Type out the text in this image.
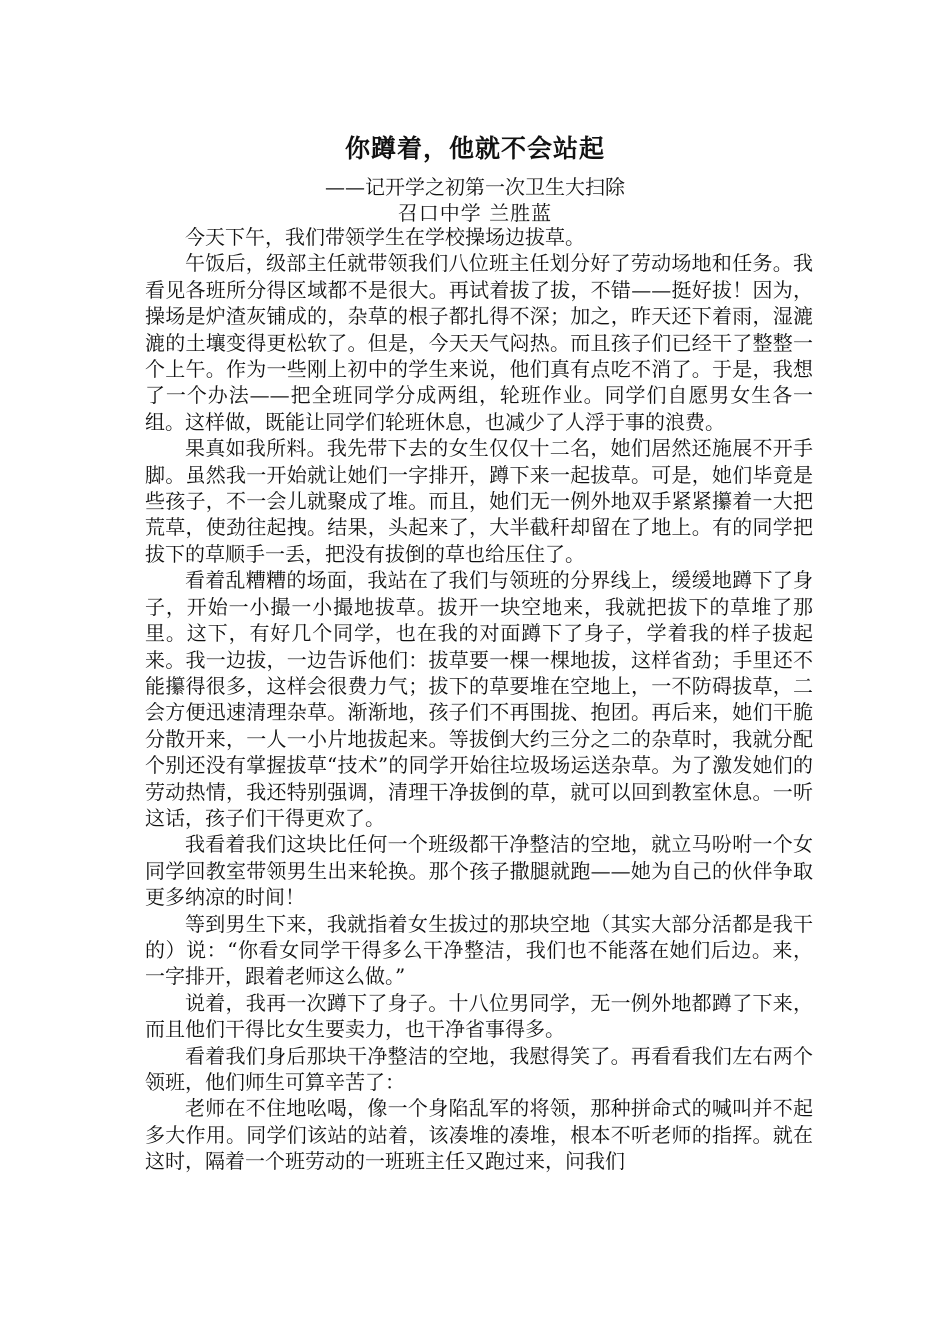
你蹲着，他就不会站起
——记开学之初第一次卫生大扫除
召口中学 兰胜蓝

今天下午，我们带领学生在学校操场边拔草。

午饭后，级部主任就带领我们八位班主任划分好了劳动场地和任务。我看见各班所分得区域都不是很大。再试着拔了拔，不错——挺好拔！因为，操场是炉渣灰铺成的，杂草的根子都扎得不深；加之，昨天还下着雨，湿漉漉的土壤变得更松软了。但是，今天天气闷热。而且孩子们已经干了整整一个上午。作为一些刚上初中的学生来说，他们真有点吃不消了。于是，我想了一个办法——把全班同学分成两组，轮班作业。同学们自愿男女生各一组。这样做，既能让同学们轮班休息，也减少了人浮于事的浪费。

果真如我所料。我先带下去的女生仅仅十二名，她们居然还施展不开手脚。虽然我一开始就让她们一字排开，蹲下来一起拔草。可是，她们毕竟是些孩子，不一会儿就聚成了堆。而且，她们无一例外地双手紧紧攥着一大把荒草，使劲往起拽。结果，头起来了，大半截秆却留在了地上。有的同学把拔下的草顺手一丢，把没有拔倒的草也给压住了。

看着乱糟糟的场面，我站在了我们与领班的分界线上，缓缓地蹲下了身子，开始一小撮一小撮地拔草。拔开一块空地来，我就把拔下的草堆了那里。这下，有好几个同学，也在我的对面蹲下了身子，学着我的样子拔起来。我一边拔，一边告诉他们：拔草要一棵一棵地拔，这样省劲；手里还不能攥得很多，这样会很费力气；拔下的草要堆在空地上，一不防碍拔草，二会方便迅速清理杂草。渐渐地，孩子们不再围拢、抱团。再后来，她们干脆分散开来，一人一小片地拔起来。等拔倒大约三分之二的杂草时，我就分配个别还没有掌握拔草“技术”的同学开始往垃圾场运送杂草。为了激发她们的劳动热情，我还特别强调，清理干净拔倒的草，就可以回到教室休息。一听这话，孩子们干得更欢了。

我看着我们这块比任何一个班级都干净整洁的空地，就立马吩咐一个女同学回教室带领男生出来轮换。那个孩子撒腿就跑——她为自己的伙伴争取更多纳凉的时间！

等到男生下来，我就指着女生拔过的那块空地（其实大部分活都是我干的）说：“你看女同学干得多么干净整洁，我们也不能落在她们后边。来，一字排开，跟着老师这么做。”

说着，我再一次蹲下了身子。十八位男同学，无一例外地都蹲了下来，而且他们干得比女生要卖力，也干净省事得多。

看着我们身后那块干净整洁的空地，我慰得笑了。再看看我们左右两个领班，他们师生可算辛苦了：

老师在不住地吆喝，像一个身陷乱军的将领，那种拼命式的喊叫并不起多大作用。同学们该站的站着，该凑堆的凑堆，根本不听老师的指挥。就在这时，隔着一个班劳动的一班班主任又跑过来，问我们
